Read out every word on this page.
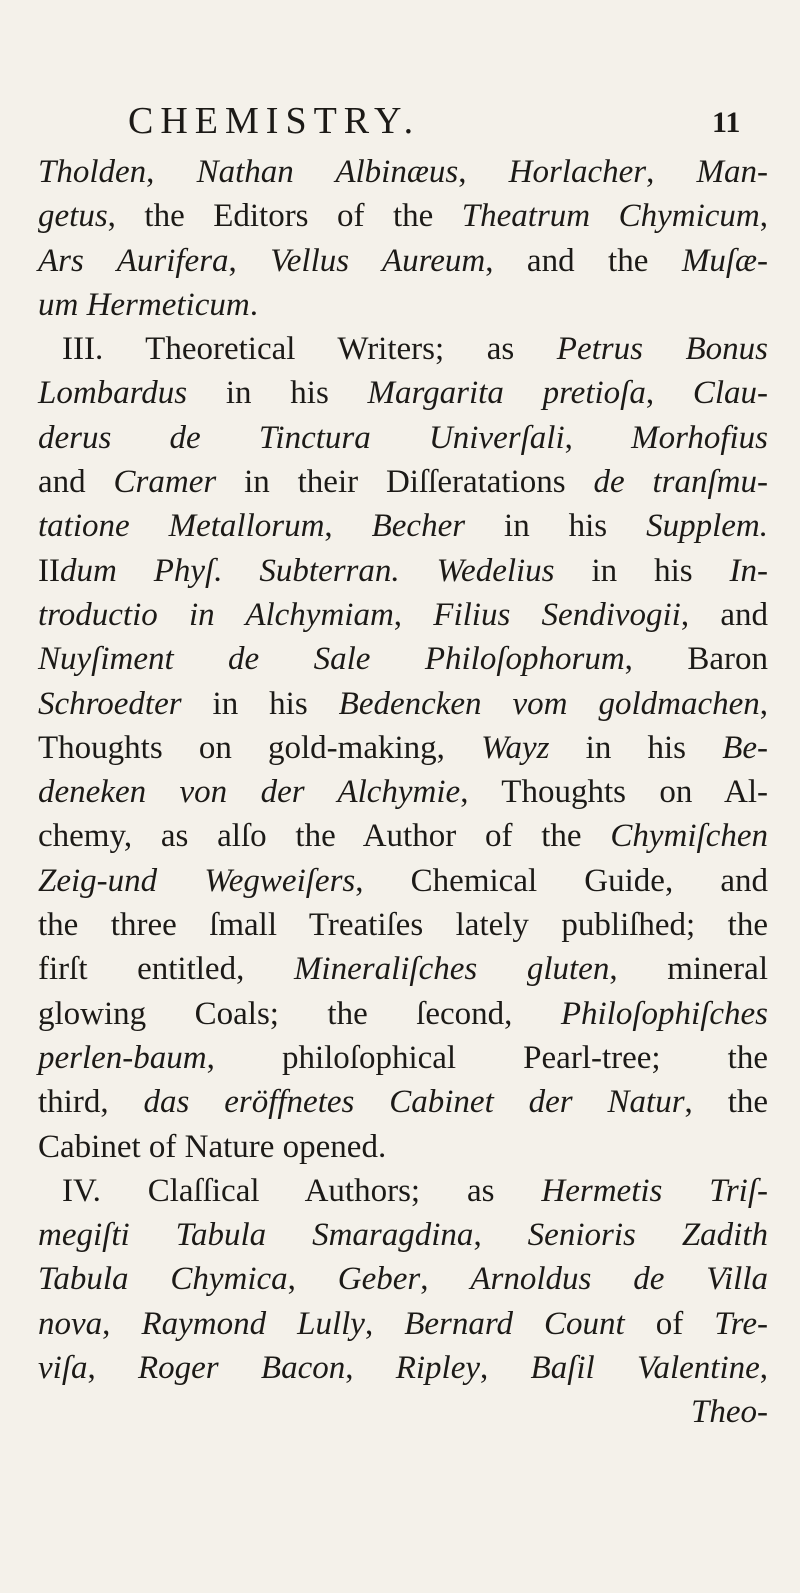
CHEMISTRY.	11
Tholden, Nathan Albinæus, Horlacher, Man-
getus, the Editors of the Theatrum Chymicum,
Ars Aurifera, Vellus Aureum, and the Muſæ-
um Hermeticum.
III. Theoretical Writers; as Petrus Bonus
Lombardus in his Margarita pretioſa, Clau-
derus de Tinctura Univerſali, Morhofius
and Cramer in their Diſſeratations de tranſmu-
tatione Metallorum, Becher in his Supplem.
IIdum Phyſ. Subterran. Wedelius in his In-
troductio in Alchymiam, Filius Sendivogii, and
Nuyſiment de Sale Philoſophorum, Baron
Schroedter in his Bedencken vom goldmachen,
Thoughts on gold-making, Wayz in his Be-
deneken von der Alchymie, Thoughts on Al-
chemy, as alſo the Author of the Chymiſchen
Zeig-und Wegweiſers, Chemical Guide, and
the three ſmall Treatiſes lately publiſhed; the
firſt entitled, Mineraliſches gluten, mineral
glowing Coals; the ſecond, Philoſophiſches
perlen-baum, philoſophical Pearl-tree; the
third, das eröffnetes Cabinet der Natur, the
Cabinet of Nature opened.
IV. Claſſical Authors; as Hermetis Triſ-
megiſti Tabula Smaragdina, Senioris Zadith
Tabula Chymica, Geber, Arnoldus de Villa
nova, Raymond Lully, Bernard Count of Tre-
viſa, Roger Bacon, Ripley, Baſil Valentine,
Theo-
